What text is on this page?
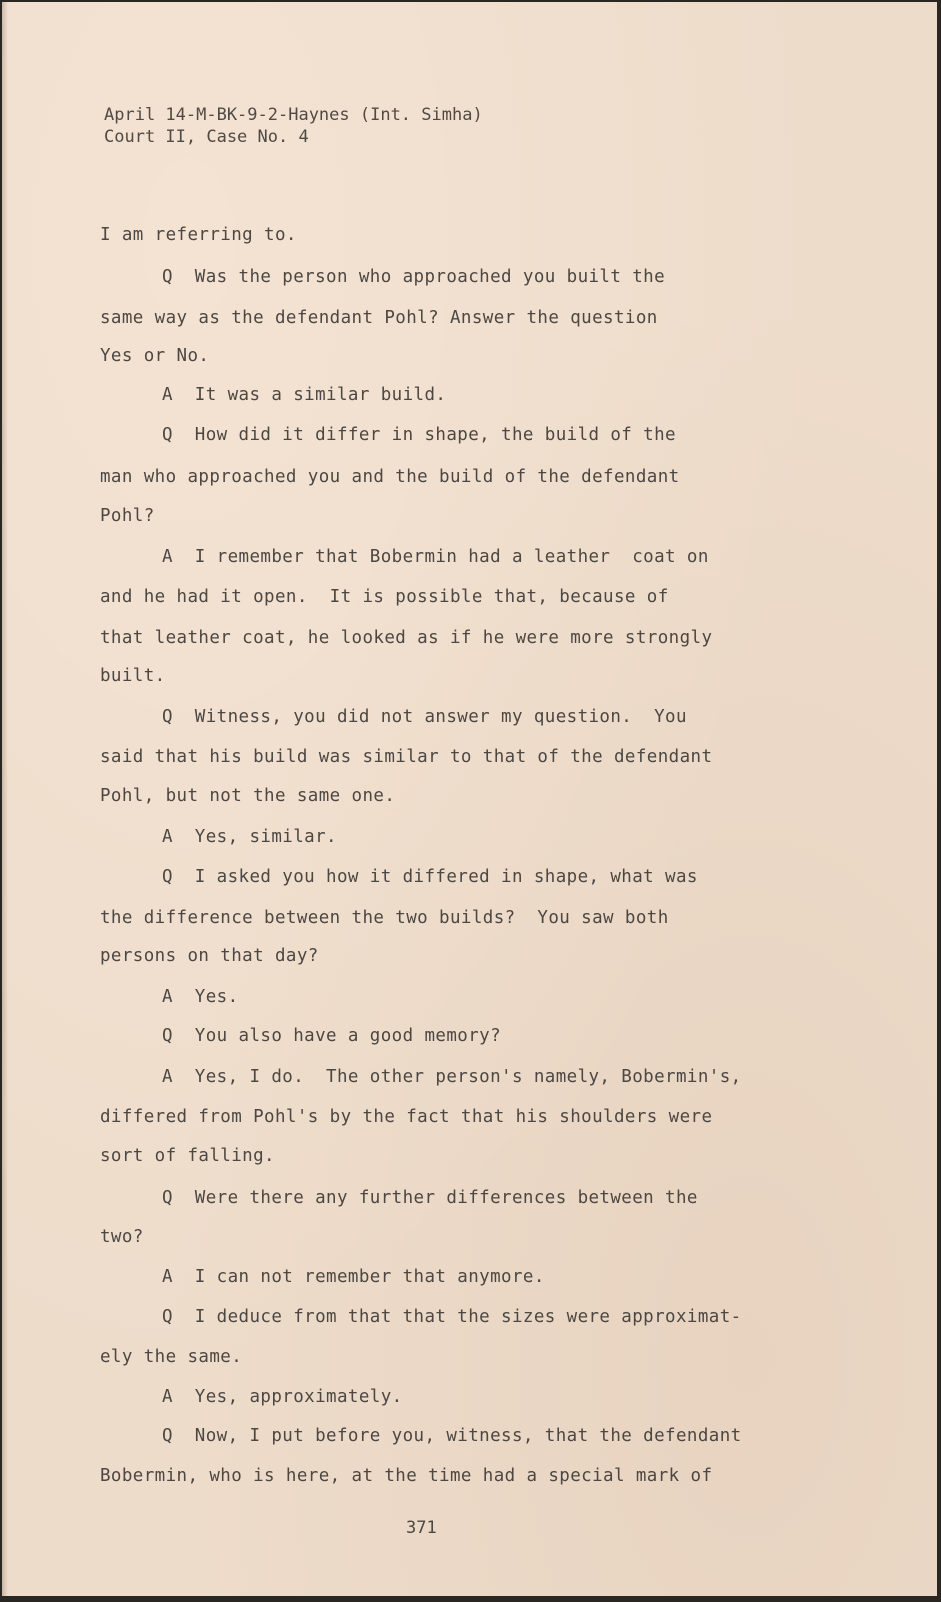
April 14-M-BK-9-2-Haynes (Int. Simha)
Court II, Case No. 4
I am referring to.
Q  Was the person who approached you built the
same way as the defendant Pohl? Answer the question
Yes or No.
A  It was a similar build.
Q  How did it differ in shape, the build of the
man who approached you and the build of the defendant
Pohl?
A  I remember that Bobermin had a leather  coat on
and he had it open.  It is possible that, because of
that leather coat, he looked as if he were more strongly
built.
Q  Witness, you did not answer my question.  You
said that his build was similar to that of the defendant
Pohl, but not the same one.
A  Yes, similar.
Q  I asked you how it differed in shape, what was
the difference between the two builds?  You saw both
persons on that day?
A  Yes.
Q  You also have a good memory?
A  Yes, I do.  The other person's namely, Bobermin's,
differed from Pohl's by the fact that his shoulders were
sort of falling.
Q  Were there any further differences between the
two?
A  I can not remember that anymore.
Q  I deduce from that that the sizes were approximat-
ely the same.
A  Yes, approximately.
Q  Now, I put before you, witness, that the defendant
Bobermin, who is here, at the time had a special mark of
371
